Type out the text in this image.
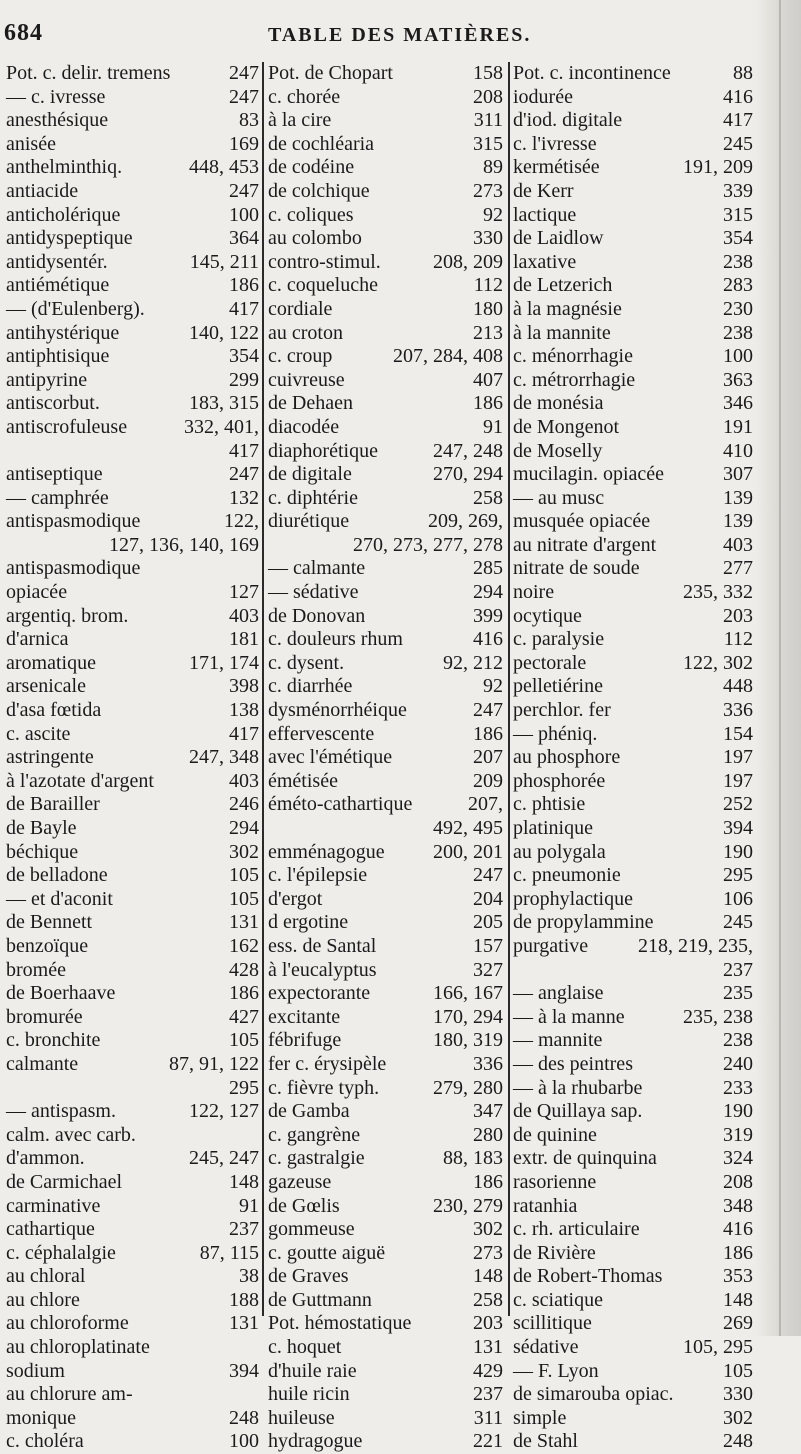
684	TABLE DES MATIÈRES.
Pot. c. delir. tremens	247
— c. ivresse	247
anesthésique	83
anisée	169
anthelminthiq.	448, 453
antiacide	247
anticholérique	100
antidyspeptique	364
antidysentér.	145, 211
antiémétique	186
— (d'Eulenberg).	417
antihystérique	140, 122
antiphtisique	354
antipyrine	299
antiscorbut.	183, 315
antiscrofuleuse	332, 401,
417
antiseptique	247
— camphrée	132
antispasmodique	122,
127, 136, 140, 169
antispasmodique
opiacée	127
argentiq. brom.	403
d'arnica	181
aromatique	171, 174
arsenicale	398
d'asa fœtida	138
c. ascite	417
astringente	247, 348
à l'azotate d'argent	403
de Barailler	246
de Bayle	294
béchique	302
de belladone	105
— et d'aconit	105
de Bennett	131
benzoïque	162
bromée	428
de Boerhaave	186
bromurée	427
c. bronchite	105
calmante	87, 91, 122
295
— antispasm.	122, 127
calm. avec carb.
d'ammon.	245, 247
de Carmichael	148
carminative	91
cathartique	237
c. céphalalgie	87, 115
au chloral	38
au chlore	188
au chloroforme	131
au chloroplatinate
sodium	394
au chlorure am-
monique	248
c. choléra	100
Pot. de Chopart	158
c. chorée	208
à la cire	311
de cochléaria	315
de codéine	89
de colchique	273
c. coliques	92
au colombo	330
contro-stimul.	208, 209
c. coqueluche	112
cordiale	180
au croton	213
c. croup	207, 284, 408
cuivreuse	407
de Dehaen	186
diacodée	91
diaphorétique	247, 248
de digitale	270, 294
c. diphtérie	258
diurétique	209, 269,
270, 273, 277, 278
— calmante	285
— sédative	294
de Donovan	399
c. douleurs rhum	416
c. dysent.	92, 212
c. diarrhée	92
dysménorrhéique	247
effervescente	186
avec l'émétique	207
émétisée	209
éméto-cathartique	207,
492, 495
emménagogue 200, 201
c. l'épilepsie	247
d'ergot	204
d ergotine	205
ess. de Santal	157
à l'eucalyptus	327
expectorante	166, 167
excitante	170, 294
fébrifuge	180, 319
fer c. érysipèle	336
c. fièvre typh.	279, 280
de Gamba	347
c. gangrène	280
c. gastralgie	88, 183
gazeuse	186
de Gœlis	230, 279
gommeuse	302
c. goutte aiguë	273
de Graves	148
de Guttmann	258
Pot. hémostatique	203
c. hoquet	131
d'huile raie	429
huile ricin	237
huileuse	311
hydragogue	221
Pot. c. incontinence	88
iodurée	416
d'iod. digitale	417
c. l'ivresse	245
kermétisée	191, 209
de Kerr	339
lactique	315
de Laidlow	354
laxative	238
de Letzerich	283
à la magnésie	230
à la mannite	238
c. ménorrhagie	100
c. métrorrhagie	363
de monésia	346
de Mongenot	191
de Moselly	410
mucilagin. opiacée	307
— au musc	139
musquée opiacée	139
au nitrate d'argent	403
nitrate de soude	277
noire	235, 332
ocytique	203
c. paralysie	112
pectorale	122, 302
pelletiérine	448
perchlor. fer	336
— phéniq.	154
au phosphore	197
phosphorée	197
c. phtisie	252
platinique	394
au polygala	190
c. pneumonie	295
prophylactique	106
de propylammine	245
purgative 218, 219, 235,
237
— anglaise	235
— à la manne	235, 238
— mannite	238
— des peintres	240
— à la rhubarbe	233
de Quillaya sap.	190
de quinine	319
extr. de quinquina	324
rasorienne	208
ratanhia	348
c. rh. articulaire	416
de Rivière	186
de Robert-Thomas	353
c. sciatique	148
scillitique	269
sédative	105, 295
— F. Lyon	105
de simarouba opiac. 330
simple	302
de Stahl	248
